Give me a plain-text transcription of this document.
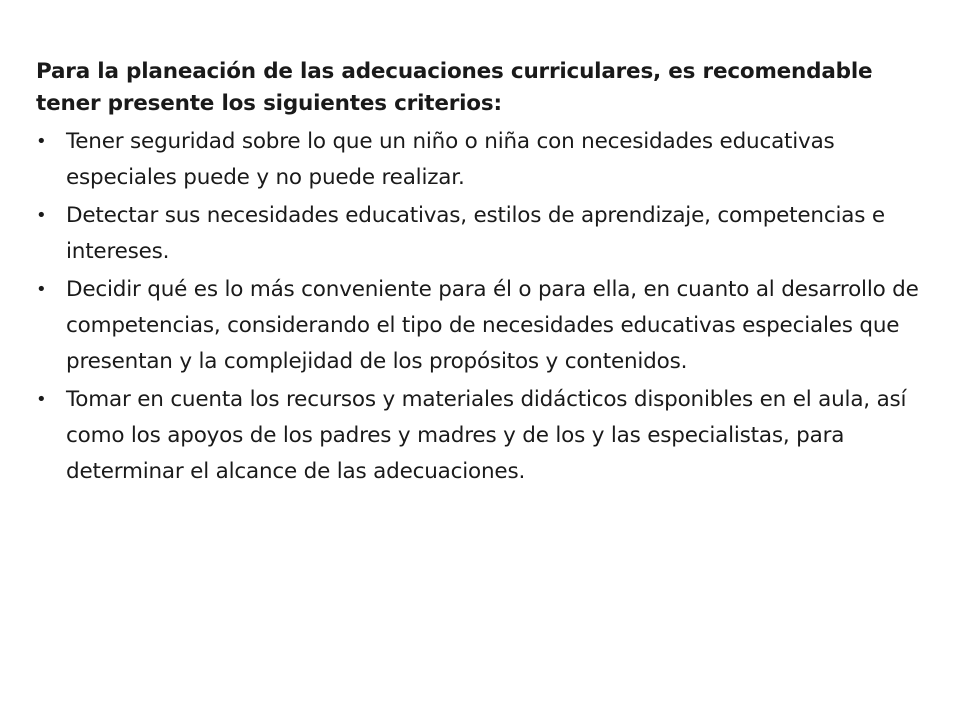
Para la planeación de las adecuaciones curriculares, es recomendable tener presente los siguientes criterios:

• Tener seguridad sobre lo que un niño o niña con necesidades educativas especiales puede y no puede realizar.
• Detectar sus necesidades educativas, estilos de aprendizaje, competencias e intereses.
• Decidir qué es lo más conveniente para él o para ella, en cuanto al desarrollo de competencias, considerando el tipo de necesidades educativas especiales que presentan y la complejidad de los propósitos y contenidos.
• Tomar en cuenta los recursos y materiales didácticos disponibles en el aula, así como los apoyos de los padres y madres y de los y las especialistas, para determinar el alcance de las adecuaciones.
